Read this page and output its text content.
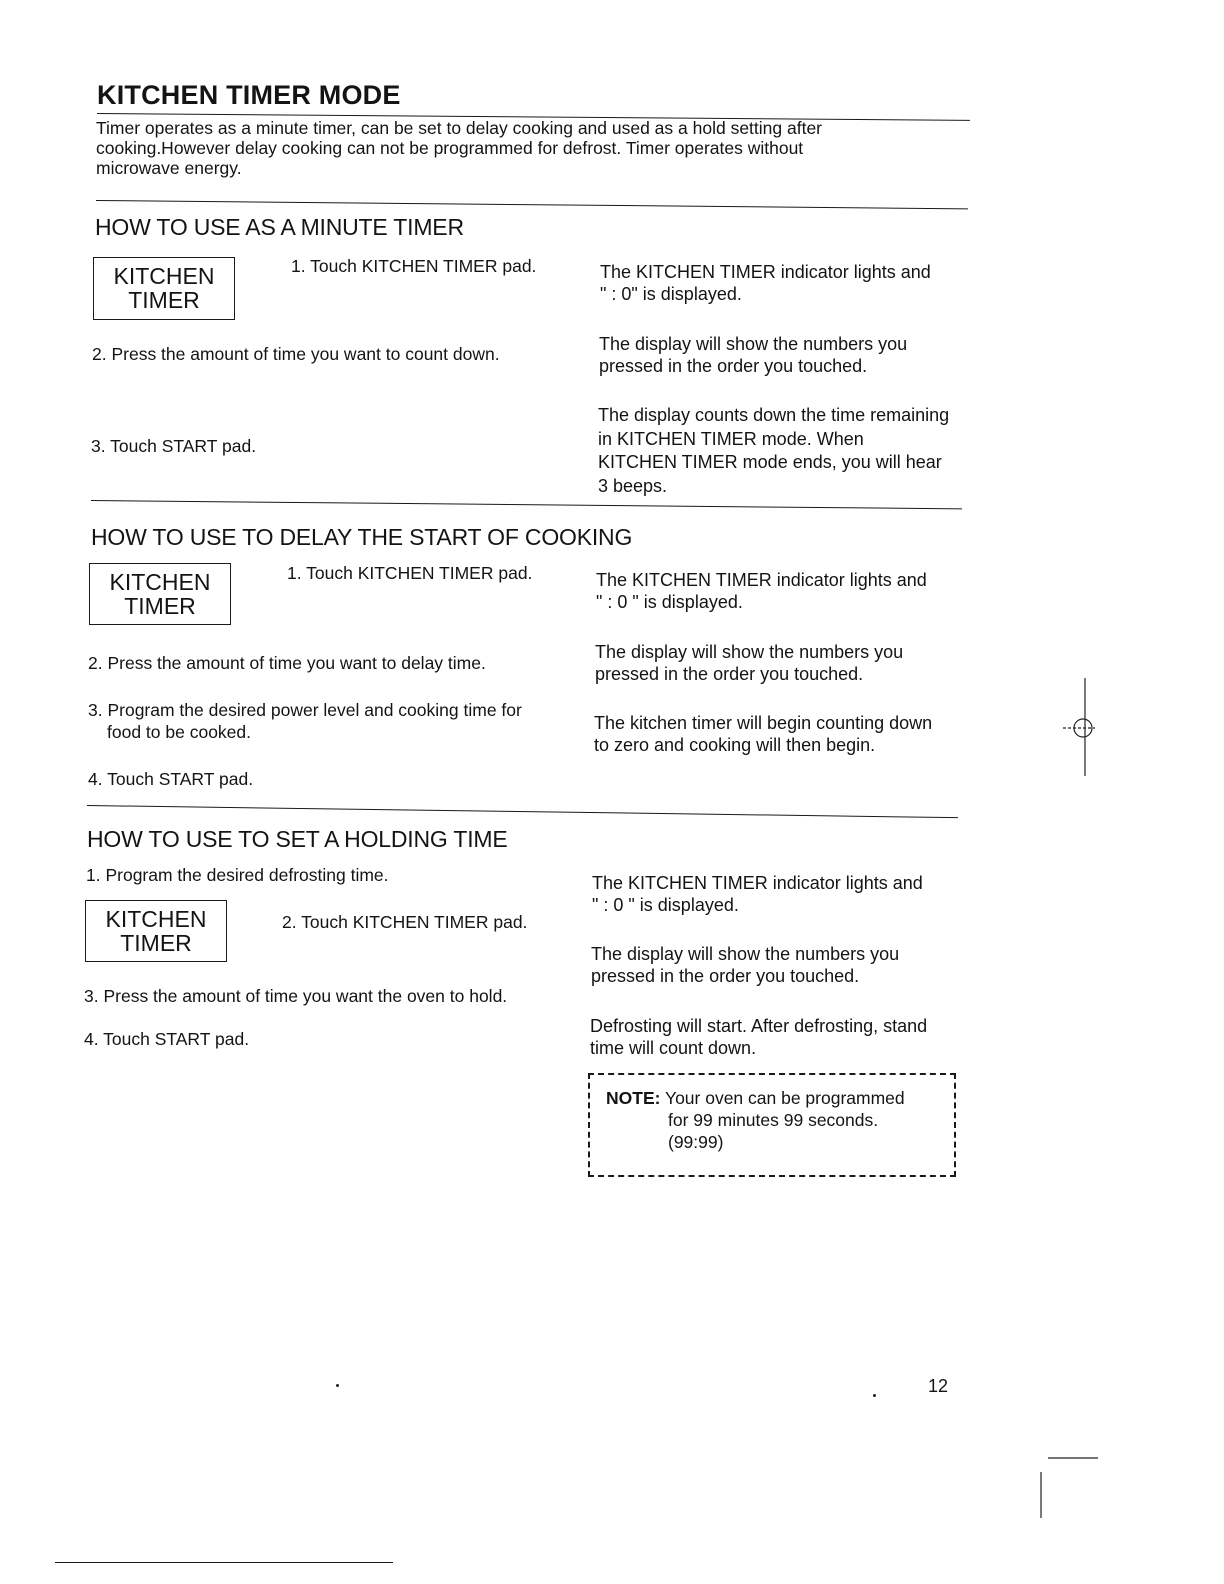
KITCHEN TIMER MODE
Timer operates as a minute timer, can be set to delay cooking and used as a hold setting after
cooking.However delay cooking can not be programmed for defrost. Timer operates without
microwave energy.
HOW TO USE AS A MINUTE TIMER
KITCHEN
TIMER
1. Touch KITCHEN TIMER pad.
2. Press the amount of time you want to count down.
3. Touch START pad.
The KITCHEN TIMER indicator lights and
" : 0" is displayed.
The display will show the numbers you
pressed in the order you touched.
The display counts down the time remaining
in KITCHEN TIMER mode. When
KITCHEN TIMER mode ends, you will hear
3 beeps.
HOW TO USE TO DELAY THE START OF COOKING
KITCHEN
TIMER
1. Touch KITCHEN TIMER pad.
2. Press the amount of time you want to delay time.
3. Program the desired power level and cooking time for
food to be cooked.
4. Touch START pad.
The KITCHEN TIMER indicator lights and
" : 0 " is displayed.
The display will show the numbers you
pressed in the order you touched.
The kitchen timer will begin counting down
to zero and cooking will then begin.
HOW TO USE TO SET A HOLDING TIME
1. Program the desired defrosting time.
KITCHEN
TIMER
2. Touch KITCHEN TIMER pad.
3. Press the amount of time you want the oven to hold.
4. Touch START pad.
The KITCHEN TIMER indicator lights and
" : 0 " is displayed.
The display will show the numbers you
pressed in the order you touched.
Defrosting will start. After defrosting, stand
time will count down.
NOTE: Your oven can be programmed
for 99 minutes 99 seconds.
(99:99)
12
